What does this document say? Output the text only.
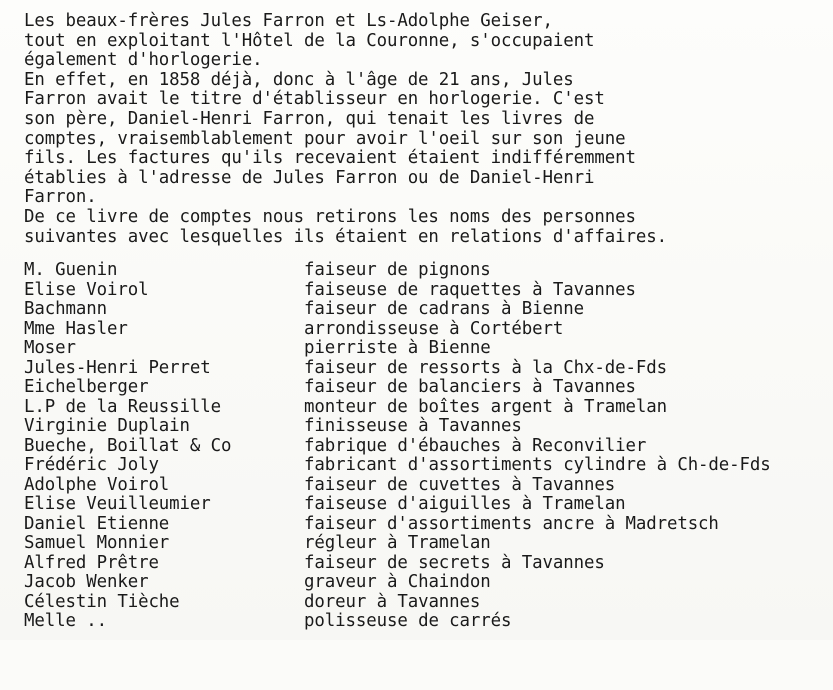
Les beaux-frères Jules Farron et Ls-Adolphe Geiser,
tout en exploitant l'Hôtel de la Couronne, s'occupaient
également d'horlogerie.
En effet, en 1858 déjà, donc à l'âge de 21 ans, Jules
Farron avait le titre d'établisseur en horlogerie. C'est
son père, Daniel-Henri Farron, qui tenait les livres de
comptes, vraisemblablement pour avoir l'oeil sur son jeune
fils. Les factures qu'ils recevaient étaient indifféremment
établies à l'adresse de Jules Farron ou de Daniel-Henri
Farron.
De ce livre de comptes nous retirons les noms des personnes
suivantes avec lesquelles ils étaient en relations d'affaires.

M. Guenin

	faiseur de pignons

Elise Voirol

	faiseuse de raquettes à Tavannes

Bachmann

	faiseur de cadrans à Bienne

Mme Hasler

	arrondisseuse à Cortébert

Moser

	pierriste à Bienne

Jules-Henri Perret

	faiseur de ressorts à la Chx-de-Fds

Eichelberger

	faiseur de balanciers à Tavannes

L.P de la Reussille

	monteur de boîtes argent à Tramelan

Virginie Duplain

	finisseuse à Tavannes

Bueche, Boillat & Co

	fabrique d'ébauches à Reconvilier

Frédéric Joly

	fabricant d'assortiments cylindre à Ch-de-Fds

Adolphe Voirol

	faiseur de cuvettes à Tavannes

Elise Veuilleumier

	faiseuse d'aiguilles à Tramelan

Daniel Etienne

	faiseur d'assortiments ancre à Madretsch

Samuel Monnier

	régleur à Tramelan

Alfred Prêtre

	faiseur de secrets à Tavannes

Jacob Wenker

	graveur à Chaindon

Célestin Tièche

	doreur à Tavannes

Melle ..

	polisseuse de carrés
